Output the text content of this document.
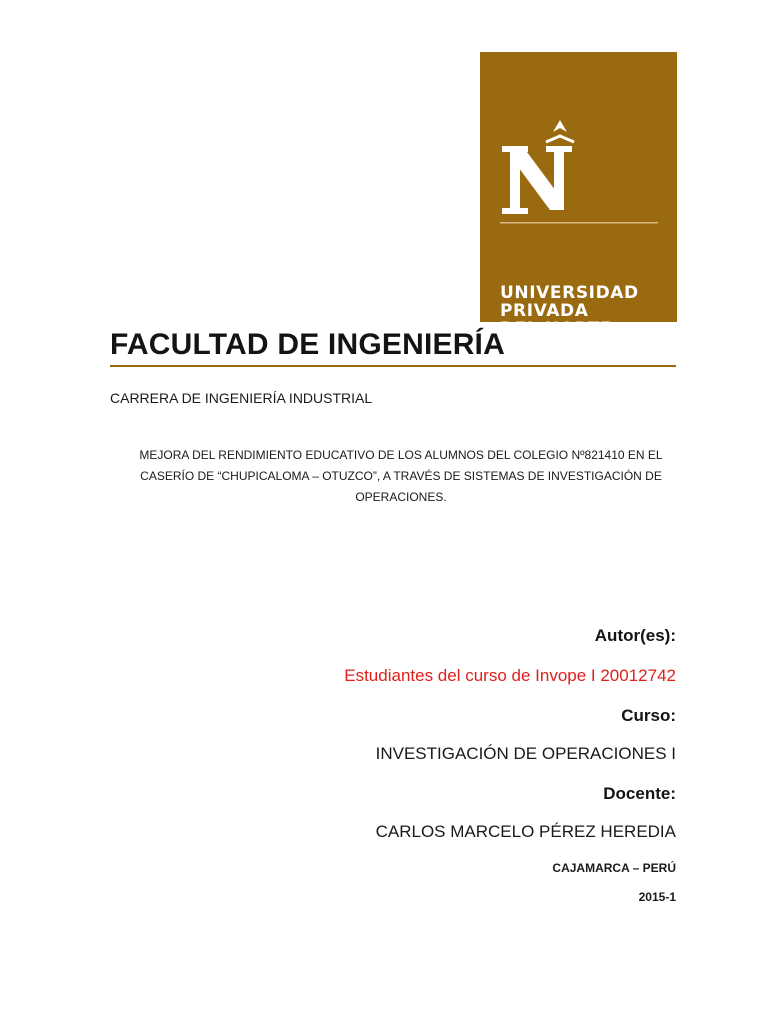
UNIVERSIDAD
PRIVADA
DEL NORTE
FACULTAD DE INGENIERÍA
CARRERA DE INGENIERÍA INDUSTRIAL
MEJORA DEL RENDIMIENTO EDUCATIVO DE LOS ALUMNOS DEL COLEGIO Nº821410 EN EL CASERÍO DE “CHUPICALOMA – OTUZCO”, A TRAVÉS DE SISTEMAS DE INVESTIGACIÓN DE OPERACIONES.
Autor(es):
Estudiantes del curso de Invope I 20012742
Curso:
INVESTIGACIÓN DE OPERACIONES I
Docente:
CARLOS MARCELO PÉREZ HEREDIA
CAJAMARCA – PERÚ
2015-1
